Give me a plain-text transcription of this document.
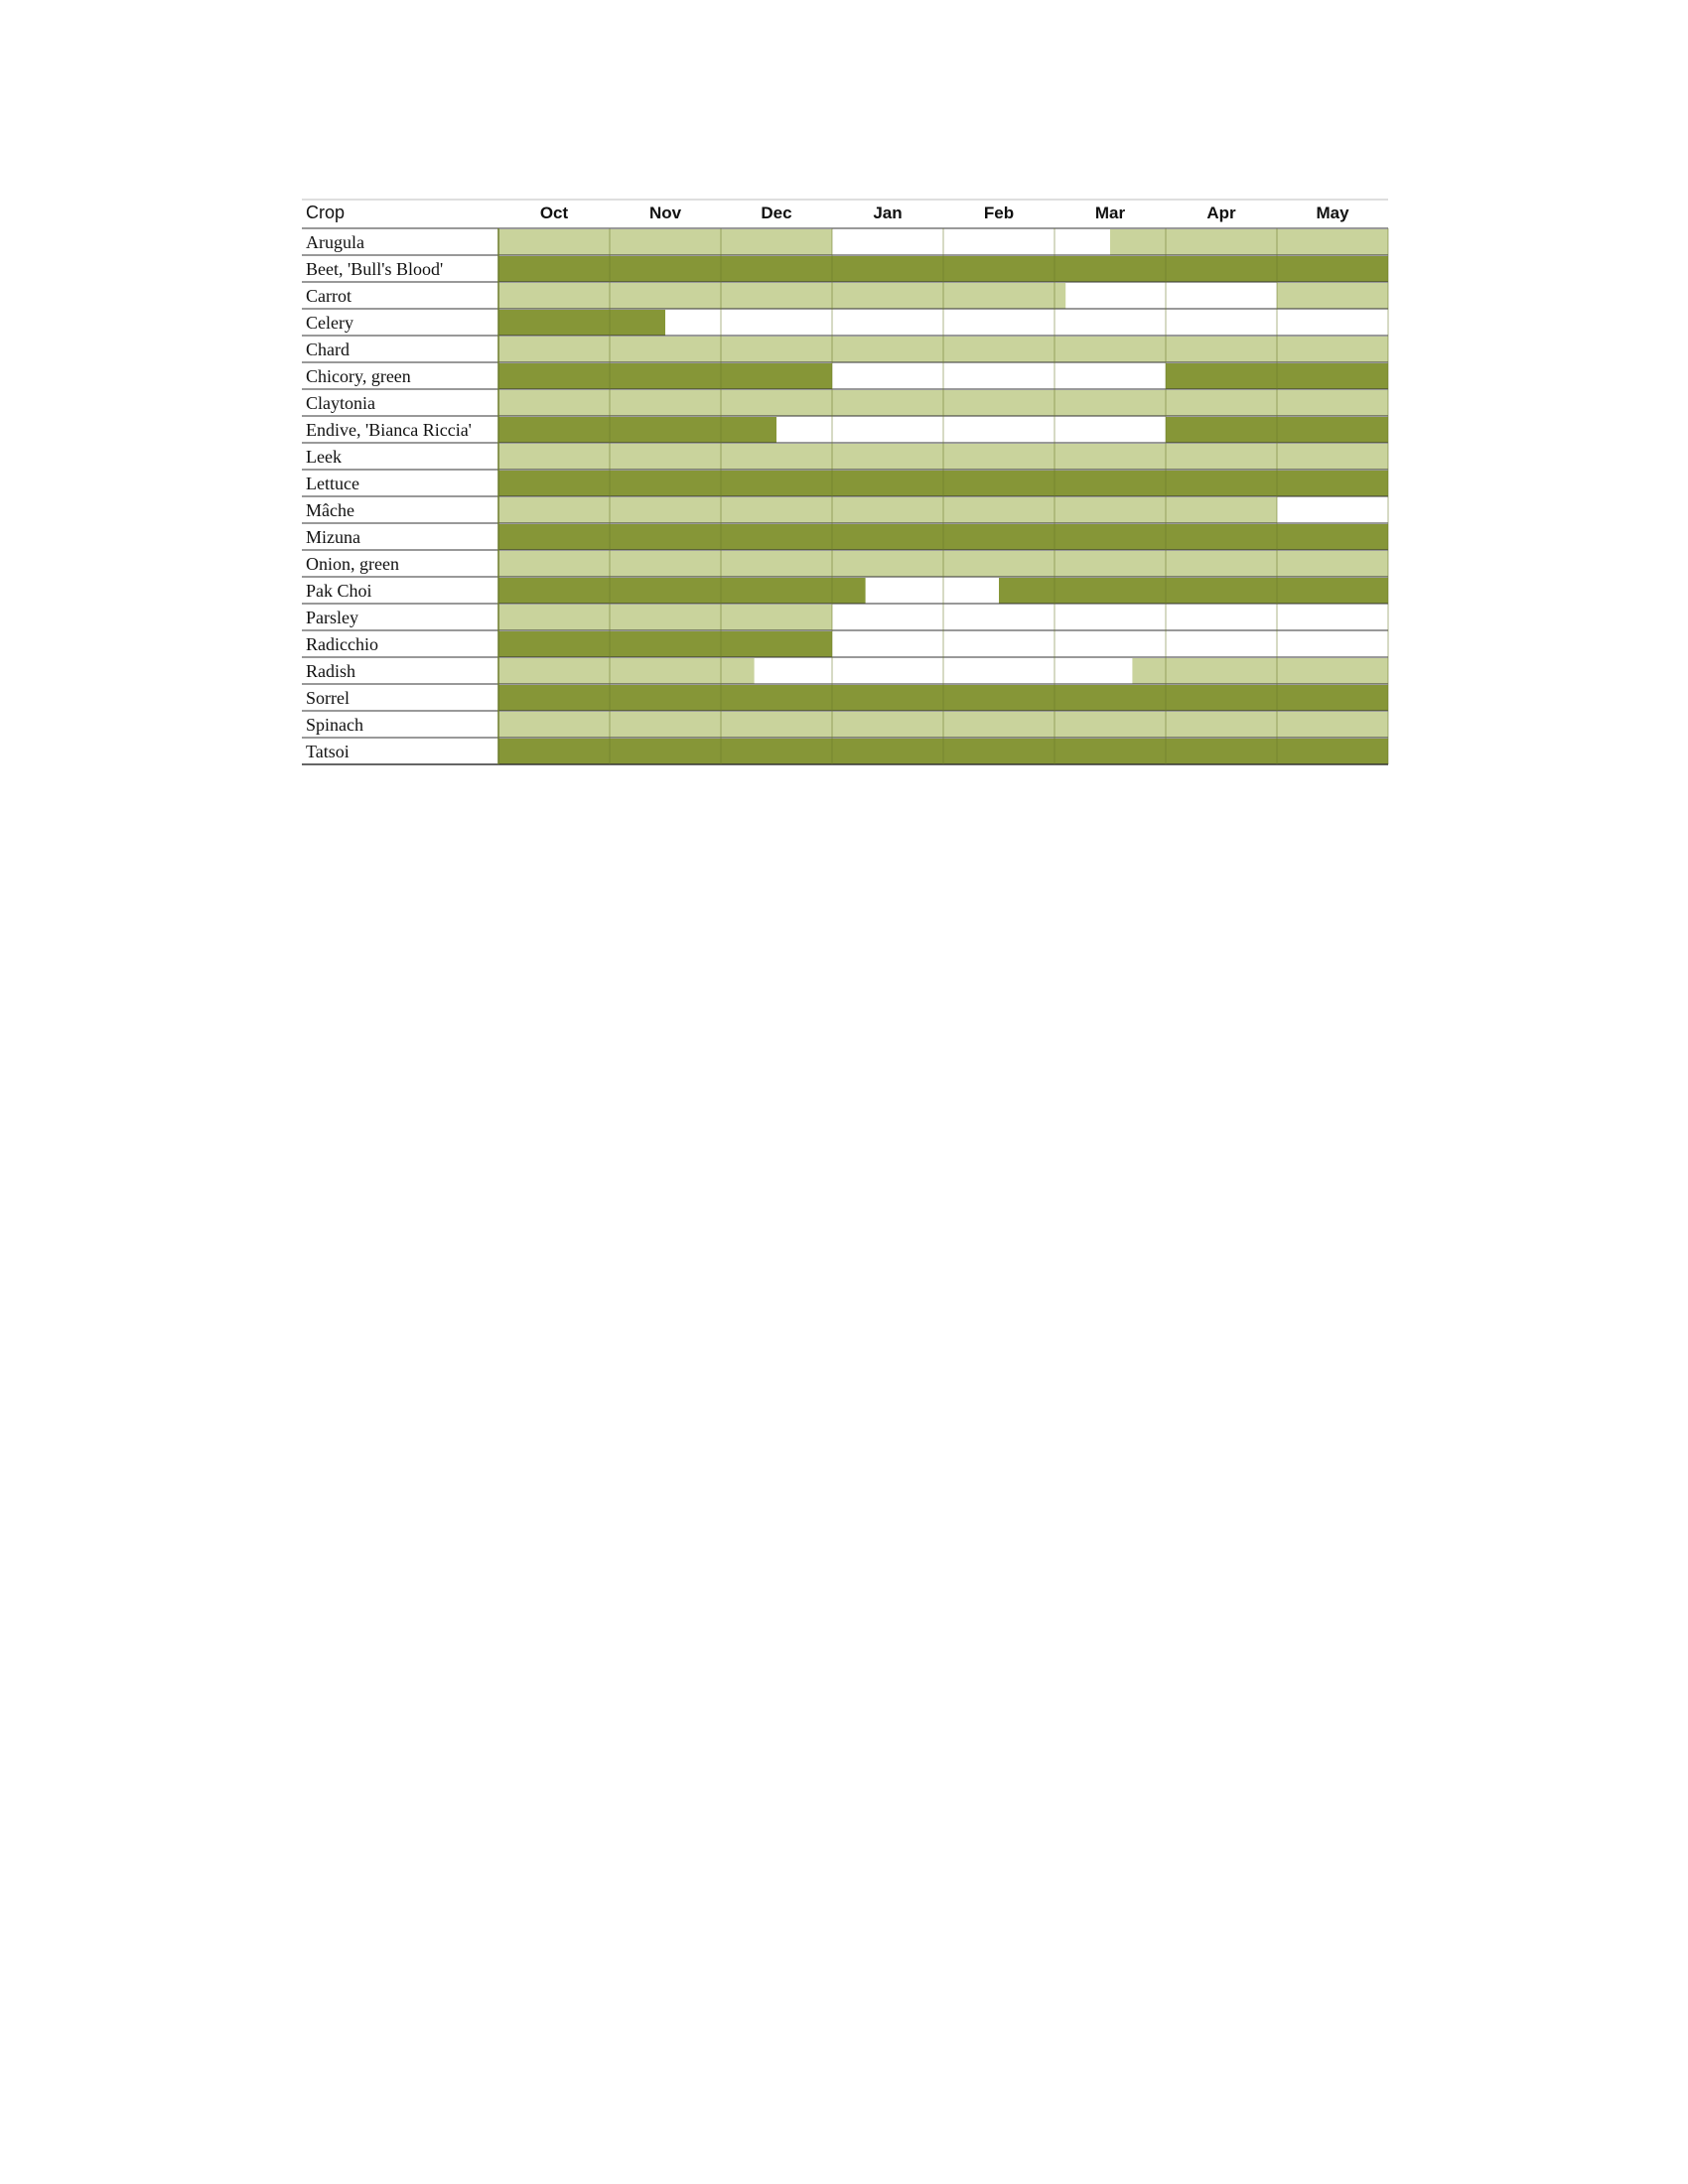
Crop	Oct	Nov	Dec	Jan	Feb	Mar	Apr	May
Arugula
Beet, 'Bull's Blood'
Carrot
Celery
Chard
Chicory, green
Claytonia
Endive, 'Bianca Riccia'
Leek
Lettuce
Mâche
Mizuna
Onion, green
Pak Choi
Parsley
Radicchio
Radish
Sorrel
Spinach
Tatsoi
